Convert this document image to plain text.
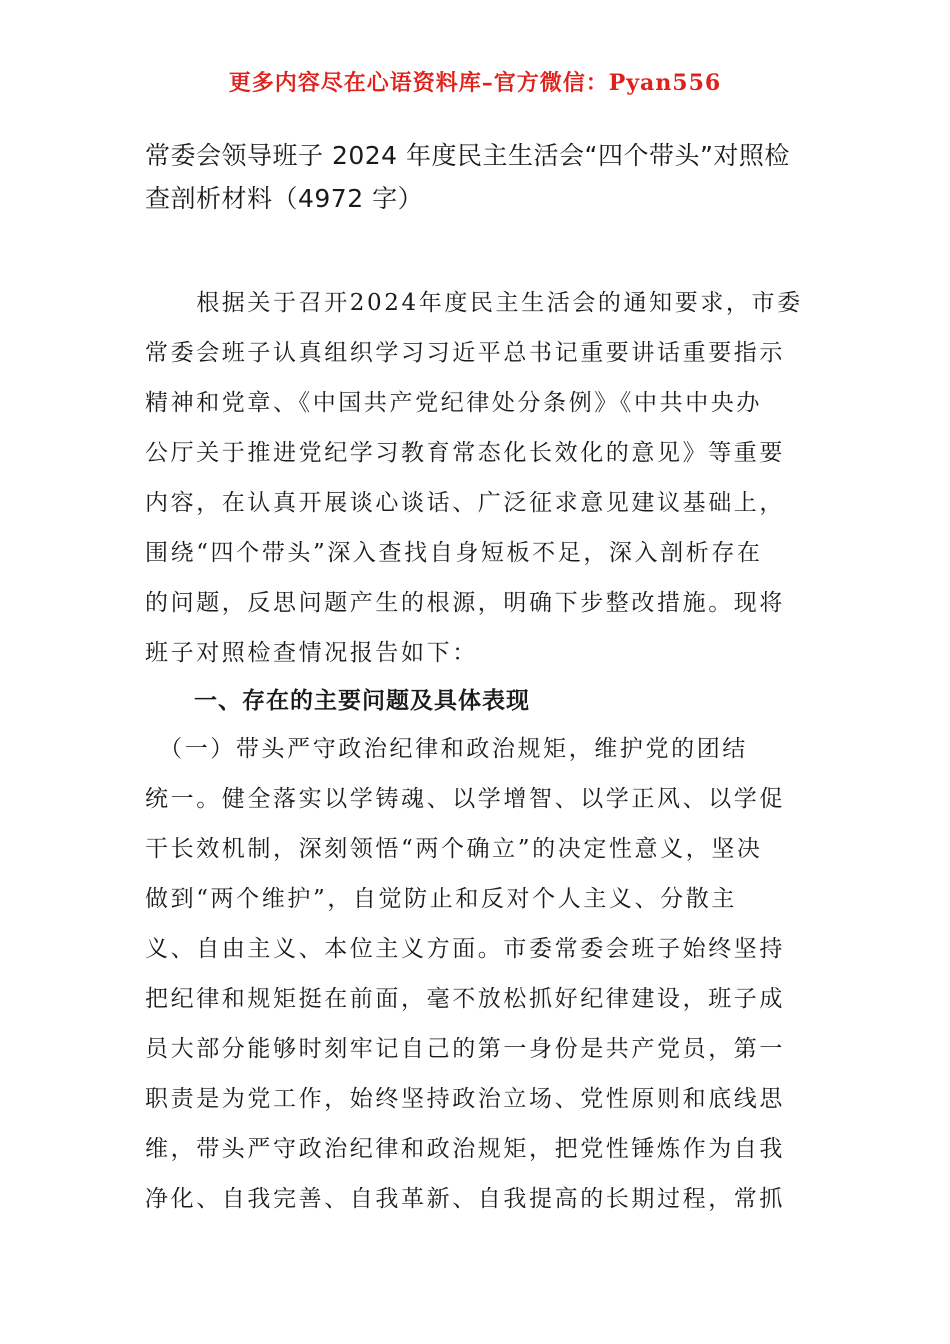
更多内容尽在心语资料库–官方微信：Pyan556
常委会领导班子 2024 年度民主生活会“四个带头”对照检
查剖析材料（4972 字）
　　根据关于召开2024年度民主生活会的通知要求，市委
常委会班子认真组织学习习近平总书记重要讲话重要指示
精神和党章、《中国共产党纪律处分条例》《中共中央办
公厅关于推进党纪学习教育常态化长效化的意见》等重要
内容，在认真开展谈心谈话、广泛征求意见建议基础上，
围绕“四个带头”深入查找自身短板不足，深入剖析存在
的问题，反思问题产生的根源，明确下步整改措施。现将
班子对照检查情况报告如下：
一、存在的主要问题及具体表现
　（一）带头严守政治纪律和政治规矩，维护党的团结
统一。健全落实以学铸魂、以学增智、以学正风、以学促
干长效机制，深刻领悟“两个确立”的决定性意义，坚决
做到“两个维护”，自觉防止和反对个人主义、分散主
义、自由主义、本位主义方面。市委常委会班子始终坚持
把纪律和规矩挺在前面，毫不放松抓好纪律建设，班子成
员大部分能够时刻牢记自己的第一身份是共产党员，第一
职责是为党工作，始终坚持政治立场、党性原则和底线思
维，带头严守政治纪律和政治规矩，把党性锤炼作为自我
净化、自我完善、自我革新、自我提高的长期过程，常抓
